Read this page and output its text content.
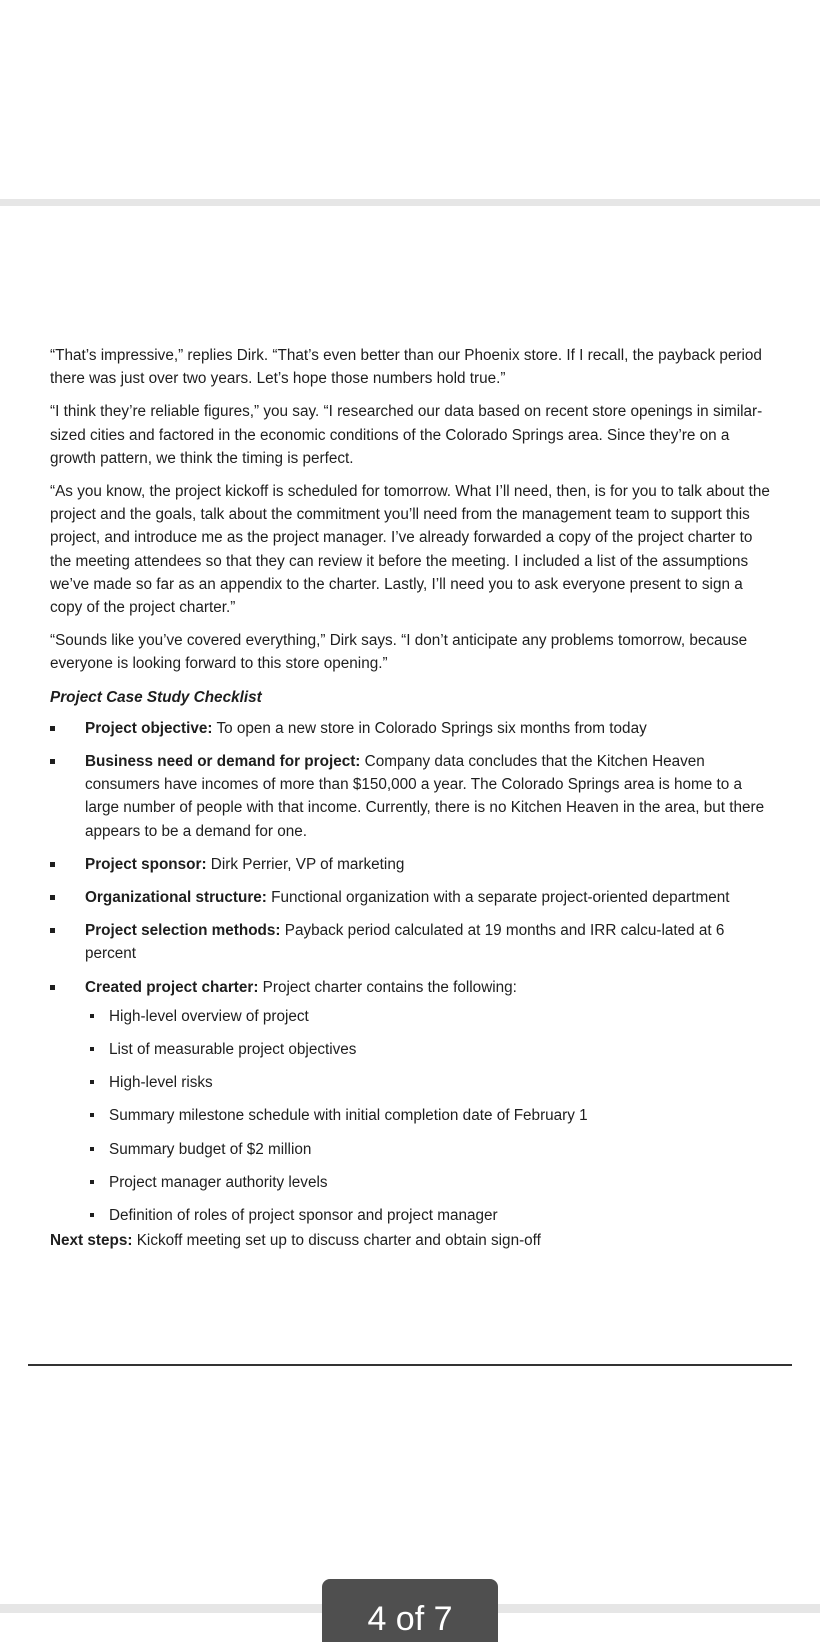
“That’s impressive,” replies Dirk. “That’s even better than our Phoenix store. If I recall, the payback period there was just over two years. Let’s hope those numbers hold true.”

“I think they’re reliable figures,” you say. “I researched our data based on recent store openings in similar-sized cities and factored in the economic conditions of the Colorado Springs area. Since they’re on a growth pattern, we think the timing is perfect.

“As you know, the project kickoff is scheduled for tomorrow. What I’ll need, then, is for you to talk about the project and the goals, talk about the commitment you’ll need from the management team to support this project, and introduce me as the project manager. I’ve already forwarded a copy of the project charter to the meeting attendees so that they can review it before the meeting. I included a list of the assumptions we’ve made so far as an appendix to the charter. Lastly, I’ll need you to ask everyone present to sign a copy of the project charter.”

“Sounds like you’ve covered everything,” Dirk says. “I don’t anticipate any problems tomorrow, because everyone is looking forward to this store opening.”

Project Case Study Checklist
Project objective: To open a new store in Colorado Springs six months from today
Business need or demand for project: Company data concludes that the Kitchen Heaven consumers have incomes of more than $150,000 a year. The Colorado Springs area is home to a large number of people with that income. Currently, there is no Kitchen Heaven in the area, but there appears to be a demand for one.
Project sponsor: Dirk Perrier, VP of marketing
Organizational structure: Functional organization with a separate project-oriented department
Project selection methods: Payback period calculated at 19 months and IRR calcu-lated at 6 percent
Created project charter: Project charter contains the following:
High-level overview of project
List of measurable project objectives
High-level risks
Summary milestone schedule with initial completion date of February 1
Summary budget of $2 million
Project manager authority levels
Definition of roles of project sponsor and project manager
Next steps: Kickoff meeting set up to discuss charter and obtain sign-off
4 of 7
